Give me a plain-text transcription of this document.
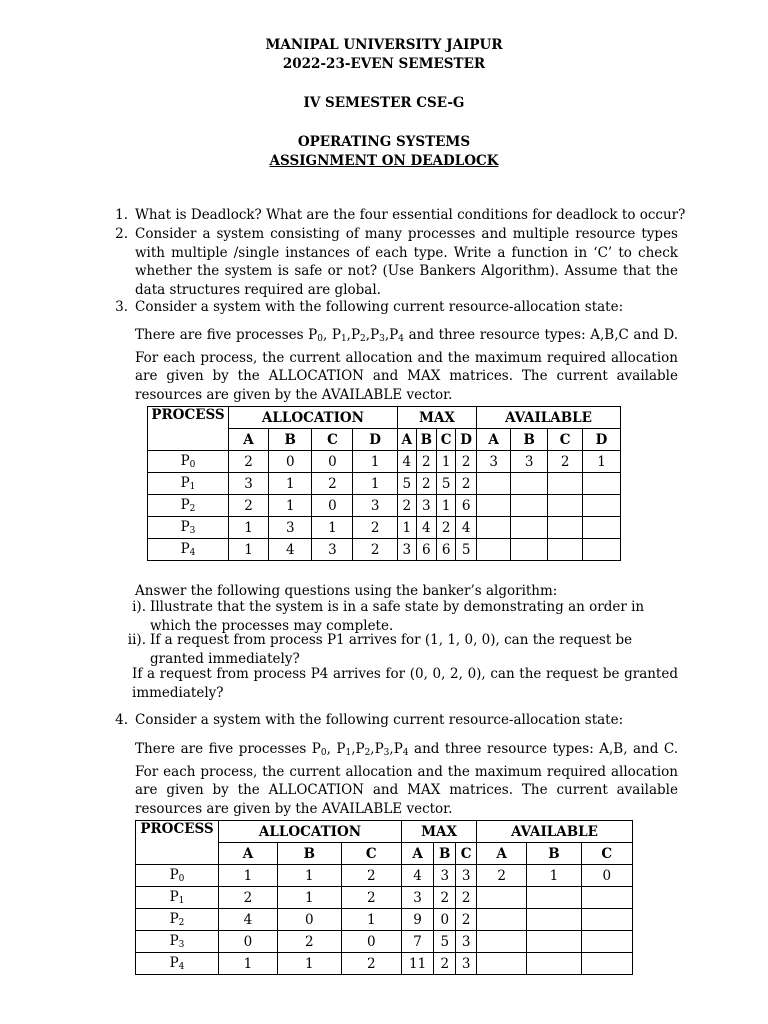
MANIPAL UNIVERSITY JAIPUR
2022-23-EVEN SEMESTER
IV SEMESTER CSE-G
OPERATING SYSTEMS
ASSIGNMENT ON DEADLOCK
1. What is Deadlock? What are the four essential conditions for deadlock to occur?
2. Consider a system consisting of many processes and multiple resource types with multiple /single instances of each type. Write a function in ‘C’ to check whether the system is safe or not? (Use Bankers Algorithm). Assume that the data structures required are global.
3. Consider a system with the following current resource-allocation state:
There are five processes $P_0$, $P_1,P_2,P_3,P_4$ and three resource types: A,B,C and D. For each process, the current allocation and the maximum required allocation are given by the ALLOCATION and MAX matrices. The current available resources are given by the AVAILABLE vector.
PROCESS	ALLOCATION				MAX				AVAILABLE			
	A	B	C	D	A	B	C	D	A	B	C	D
$P_0$	2	0	0	1	4	2	1	2	3	3	2	1
$P_1$	3	1	2	1	5	2	5	2				
$P_2$	2	1	0	3	2	3	1	6				
$P_3$	1	3	1	2	1	4	2	4				
$P_4$	1	4	3	2	3	6	6	5				
Answer the following questions using the banker’s algorithm:
i). Illustrate that the system is in a safe state by demonstrating an order in which the processes may complete.
ii). If a request from process P1 arrives for (1, 1, 0, 0), can the request be granted immediately?
If a request from process P4 arrives for (0, 0, 2, 0), can the request be granted immediately?
4. Consider a system with the following current resource-allocation state:
There are five processes $P_0$, $P_1,P_2,P_3,P_4$ and three resource types: A,B, and C. For each process, the current allocation and the maximum required allocation are given by the ALLOCATION and MAX matrices. The current available resources are given by the AVAILABLE vector.
PROCESS	ALLOCATION			MAX			AVAILABLE		
	A	B	C	A	B	C	A	B	C
$P_0$	1	1	2	4	3	3	2	1	0
$P_1$	2	1	2	3	2	2			
$P_2$	4	0	1	9	0	2			
$P_3$	0	2	0	7	5	3			
$P_4$	1	1	2	11	2	3			
